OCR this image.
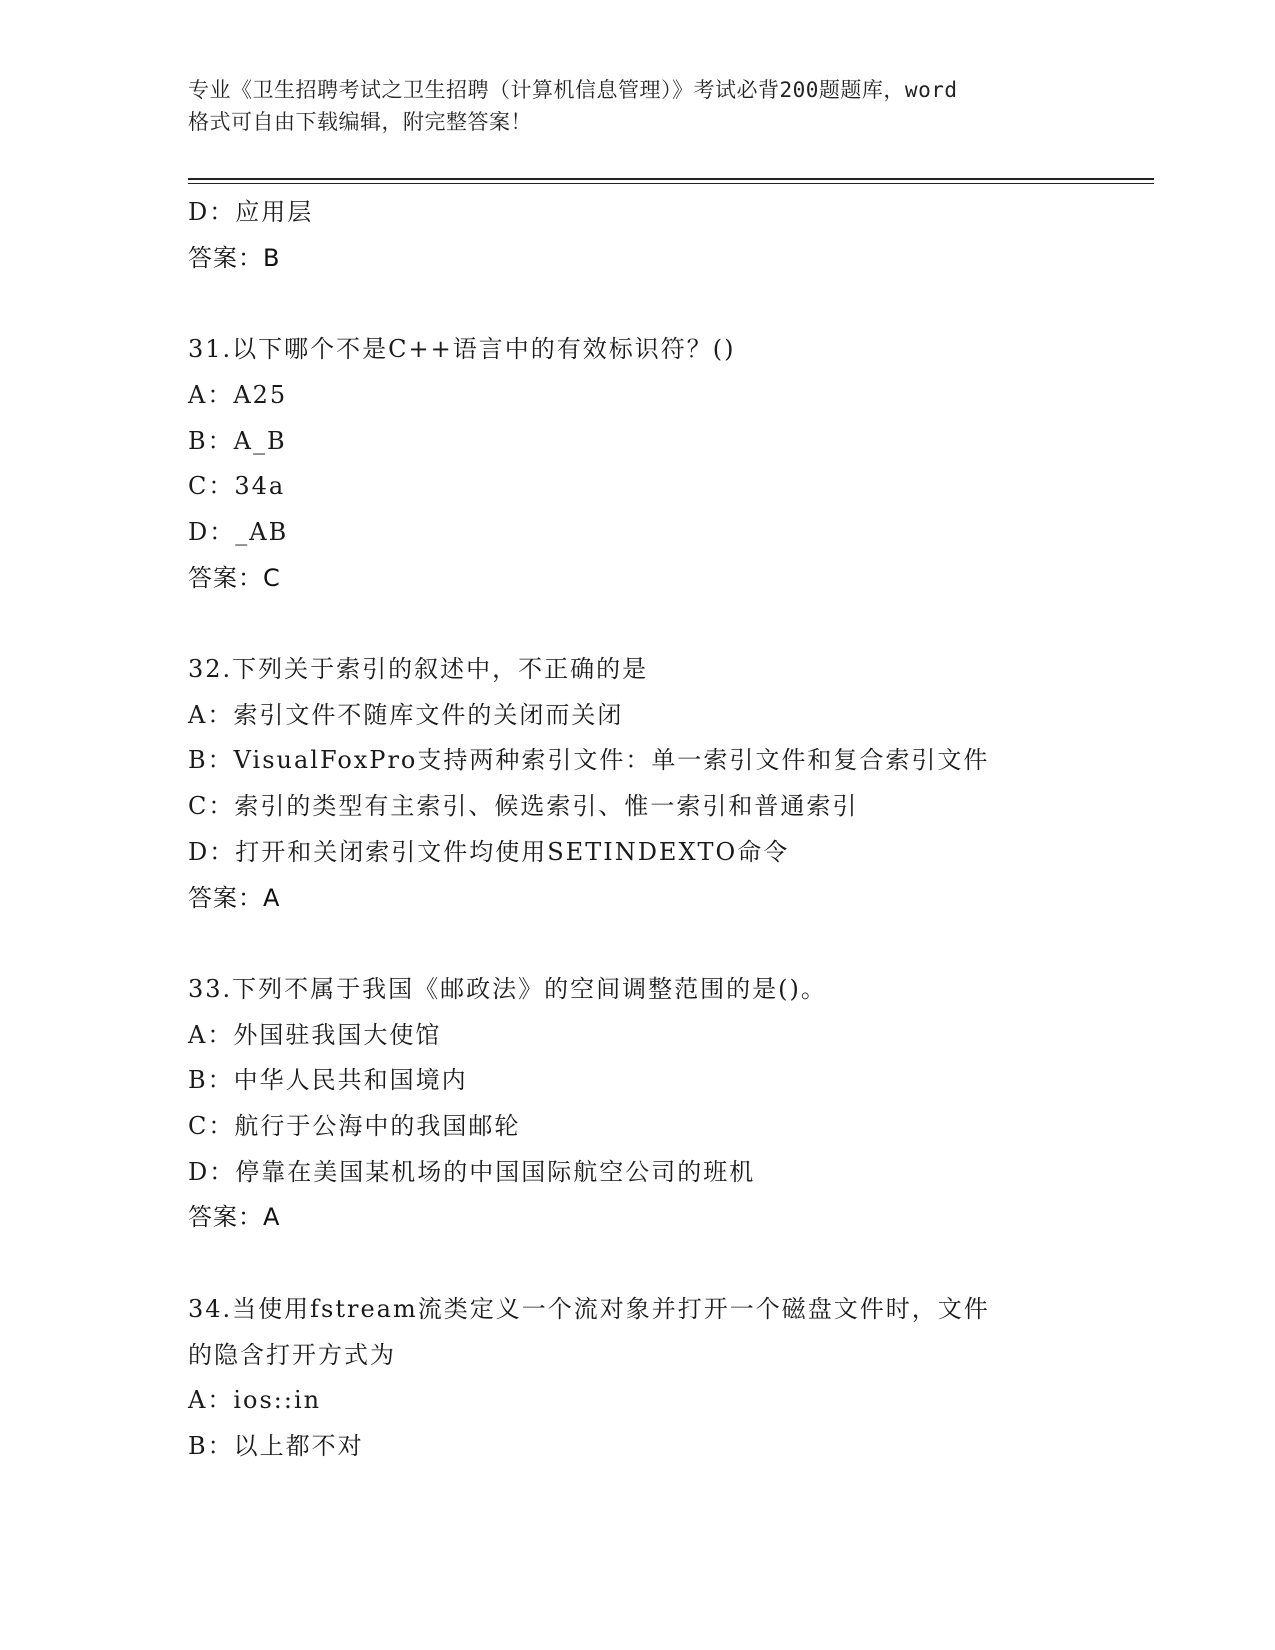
专业《卫生招聘考试之卫生招聘（计算机信息管理）》考试必背200题题库，word
格式可自由下载编辑，附完整答案！
D：应用层
答案：B
31.以下哪个不是C++语言中的有效标识符？()
A：A25
B：A_B
C：34a
D：_AB
答案：C
32.下列关于索引的叙述中，不正确的是
A：索引文件不随库文件的关闭而关闭
B：VisualFoxPro支持两种索引文件：单一索引文件和复合索引文件
C：索引的类型有主索引、候选索引、惟一索引和普通索引
D：打开和关闭索引文件均使用SETINDEXTO命令
答案：A
33.下列不属于我国《邮政法》的空间调整范围的是()。
A：外国驻我国大使馆
B：中华人民共和国境内
C：航行于公海中的我国邮轮
D：停靠在美国某机场的中国国际航空公司的班机
答案：A
34.当使用fstream流类定义一个流对象并打开一个磁盘文件时，文件
的隐含打开方式为
A：ios::in
B：以上都不对
